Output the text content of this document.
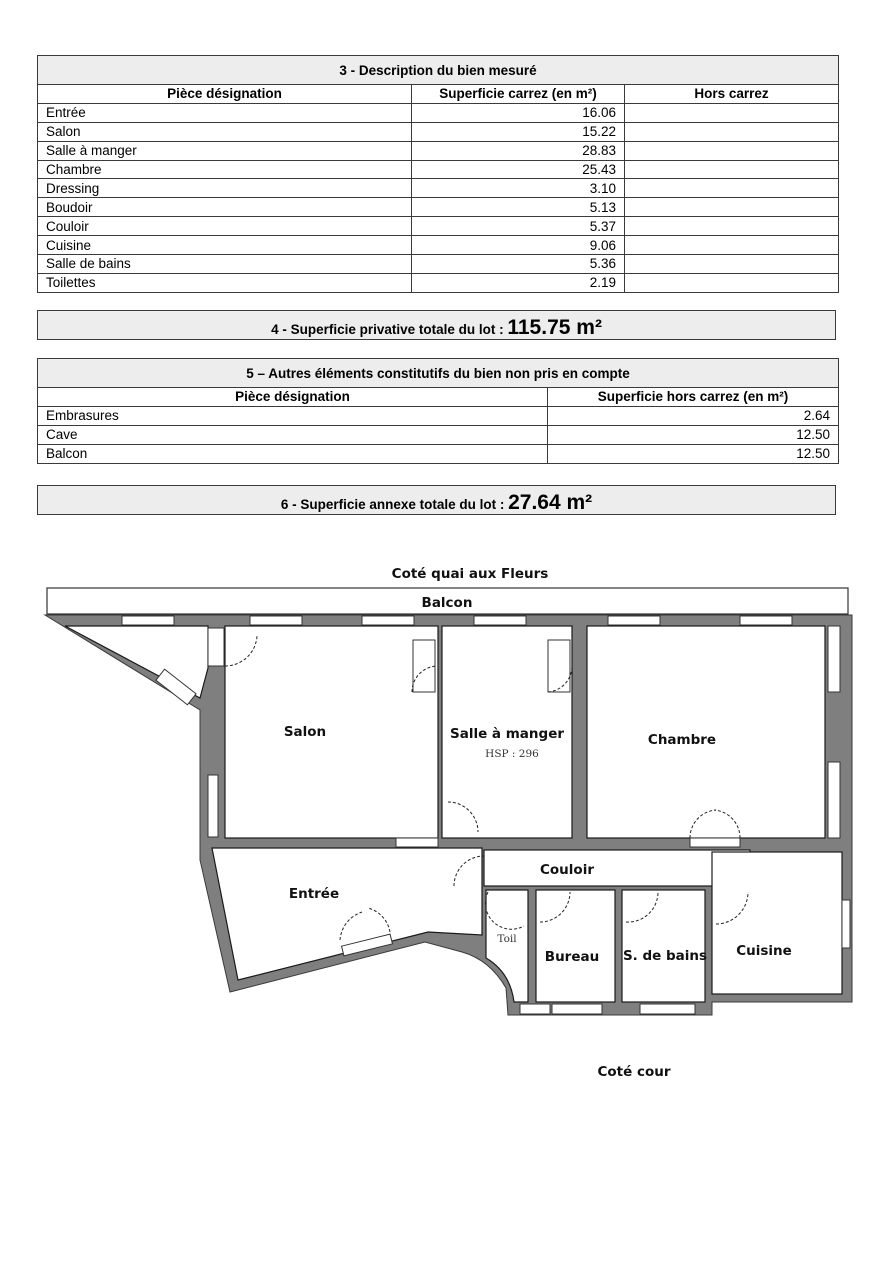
3 - Description du bien mesuré		
Pièce désignation	Superficie carrez (en m²)	Hors carrez
Entrée	16.06	
Salon	15.22	
Salle à manger	28.83	
Chambre	25.43	
Dressing	3.10	
Boudoir	5.13	
Couloir	5.37	
Cuisine	9.06	
Salle de bains	5.36	
Toilettes	2.19	
4 - Superficie privative totale du lot : 115.75 m²
5 – Autres éléments constitutifs du bien non pris en compte	
Pièce désignation	Superficie hors carrez (en m²)
Embrasures	2.64
Cave	12.50
Balcon	12.50
6 - Superficie annexe totale du lot : 27.64 m²
Coté quai aux Fleurs
Balcon
Salon	Salle à manger
HSP : 296
Chambre
Entrée
Couloir
Toil
Bureau S. de bains Cuisine
Coté cour
